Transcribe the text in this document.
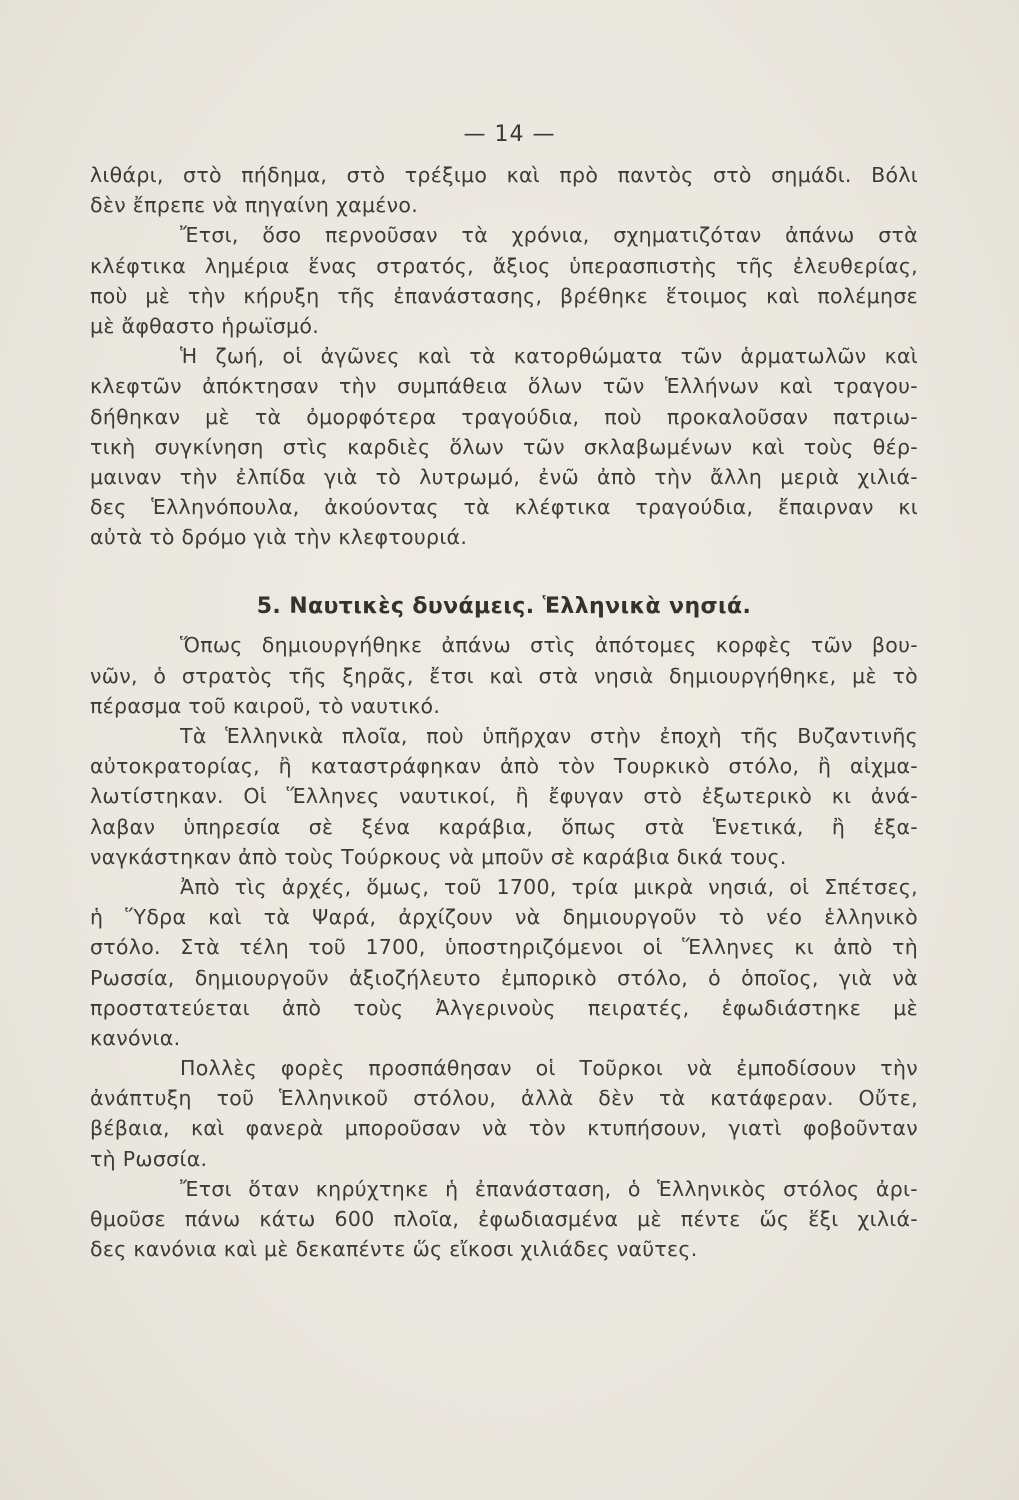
— 14 —
λιθάρι, στὸ πήδημα, στὸ τρέξιμο καὶ πρὸ παντὸς στὸ σημάδι. Βόλι
δὲν ἔπρεπε νὰ πηγαίνη χαμένο.
Ἔτσι, ὅσο περνοῦσαν τὰ χρόνια, σχηματιζόταν ἀπάνω στὰ
κλέφτικα λημέρια ἕνας στρατός, ἄξιος ὑπερασπιστὴς τῆς ἐλευθερίας,
ποὺ μὲ τὴν κήρυξη τῆς ἐπανάστασης, βρέθηκε ἕτοιμος καὶ πολέμησε
μὲ ἄφθαστο ἡρωϊσμό.
Ἡ ζωή, οἱ ἀγῶνες καὶ τὰ κατορθώματα τῶν ἁρματωλῶν καὶ
κλεφτῶν ἀπόκτησαν τὴν συμπάθεια ὅλων τῶν Ἑλλήνων καὶ τραγου-
δήθηκαν μὲ τὰ ὀμορφότερα τραγούδια, ποὺ προκαλοῦσαν πατριω-
τικὴ συγκίνηση στὶς καρδιὲς ὅλων τῶν σκλαβωμένων καὶ τοὺς θέρ-
μαιναν τὴν ἐλπίδα γιὰ τὸ λυτρωμό, ἐνῶ ἀπὸ τὴν ἄλλη μεριὰ χιλιά-
δες Ἑλληνόπουλα, ἀκούοντας τὰ κλέφτικα τραγούδια, ἔπαιρναν κι
αὐτὰ τὸ δρόμο γιὰ τὴν κλεφτουριά.
5. Ναυτικὲς δυνάμεις. Ἑλληνικὰ νησιά.
Ὅπως δημιουργήθηκε ἀπάνω στὶς ἀπότομες κορφὲς τῶν βου-
νῶν, ὁ στρατὸς τῆς ξηρᾶς, ἔτσι καὶ στὰ νησιὰ δημιουργήθηκε, μὲ τὸ
πέρασμα τοῦ καιροῦ, τὸ ναυτικό.
Τὰ Ἑλληνικὰ πλοῖα, ποὺ ὑπῆρχαν στὴν ἐποχὴ τῆς Βυζαντινῆς
αὐτοκρατορίας, ἢ καταστράφηκαν ἀπὸ τὸν Τουρκικὸ στόλο, ἢ αἰχμα-
λωτίστηκαν. Οἱ Ἕλληνες ναυτικοί, ἢ ἔφυγαν στὸ ἐξωτερικὸ κι ἀνά-
λαβαν ὑπηρεσία σὲ ξένα καράβια, ὅπως στὰ Ἑνετικά, ἢ ἐξα-
ναγκάστηκαν ἀπὸ τοὺς Τούρκους νὰ μποῦν σὲ καράβια δικά τους.
Ἀπὸ τὶς ἀρχές, ὅμως, τοῦ 1700, τρία μικρὰ νησιά, οἱ Σπέτσες,
ἡ Ὕδρα καὶ τὰ Ψαρά, ἀρχίζουν νὰ δημιουργοῦν τὸ νέο ἑλληνικὸ
στόλο. Στὰ τέλη τοῦ 1700, ὑποστηριζόμενοι οἱ Ἕλληνες κι ἀπὸ τὴ
Ρωσσία, δημιουργοῦν ἀξιοζήλευτο ἐμπορικὸ στόλο, ὁ ὁποῖος, γιὰ νὰ
προστατεύεται ἀπὸ τοὺς Ἀλγερινοὺς πειρατές, ἐφωδιάστηκε μὲ
κανόνια.
Πολλὲς φορὲς προσπάθησαν οἱ Τοῦρκοι νὰ ἐμποδίσουν τὴν
ἀνάπτυξη τοῦ Ἑλληνικοῦ στόλου, ἀλλὰ δὲν τὰ κατάφεραν. Οὔτε,
βέβαια, καὶ φανερὰ μποροῦσαν νὰ τὸν κτυπήσουν, γιατὶ φοβοῦνταν
τὴ Ρωσσία.
Ἔτσι ὅταν κηρύχτηκε ἡ ἐπανάσταση, ὁ Ἑλληνικὸς στόλος ἀρι-
θμοῦσε πάνω κάτω 600 πλοῖα, ἐφωδιασμένα μὲ πέντε ὥς ἕξι χιλιά-
δες κανόνια καὶ μὲ δεκαπέντε ὥς εἴκοσι χιλιάδες ναῦτες.
